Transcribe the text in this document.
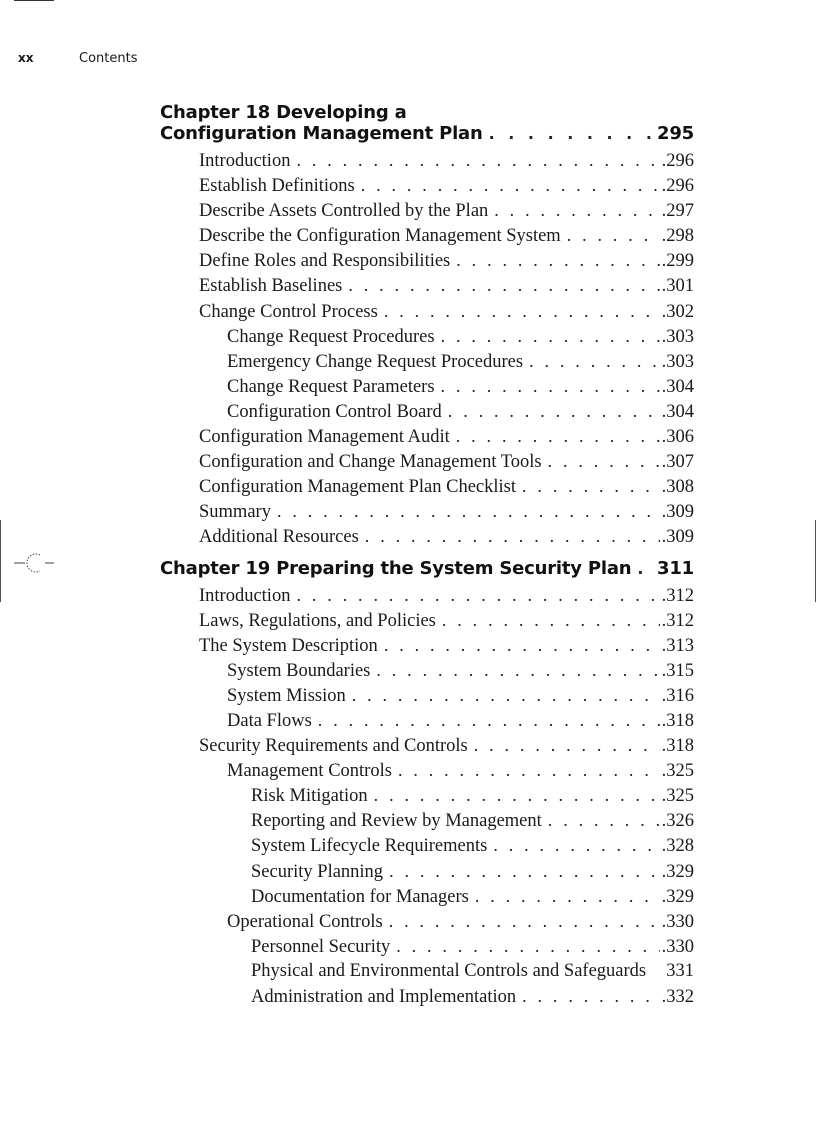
xx	Contents
Chapter 18 Developing a
Configuration Management Plan . . .	295
Introduction . . .	.296
Establish Definitions . . .	.296
Describe Assets Controlled by the Plan . . .	.297
Describe the Configuration Management System . . .	.298
Define Roles and Responsibilities . . .	.299
Establish Baselines . . .	.301
Change Control Process . . .	.302
Change Request Procedures . . .	.303
Emergency Change Request Procedures . . .	.303
Change Request Parameters . . .	.304
Configuration Control Board . . .	.304
Configuration Management Audit . . .	.306
Configuration and Change Management Tools . . .	.307
Configuration Management Plan Checklist . . .	.308
Summary . . .	.309
Additional Resources . . .	.309
Chapter 19 Preparing the System Security Plan . . . 311
Introduction . . .	.312
Laws, Regulations, and Policies . . .	.312
The System Description . . .	.313
System Boundaries . . .	.315
System Mission . . .	.316
Data Flows . . .	.318
Security Requirements and Controls . . .	.318
Management Controls . . .	.325
Risk Mitigation . . .	.325
Reporting and Review by Management . . .	.326
System Lifecycle Requirements . . .	.328
Security Planning . . .	.329
Documentation for Managers . . .	.329
Operational Controls . . .	.330
Personnel Security . . .	.330
Physical and Environmental Controls and Safeguards 331
Administration and Implementation . . .	.332
